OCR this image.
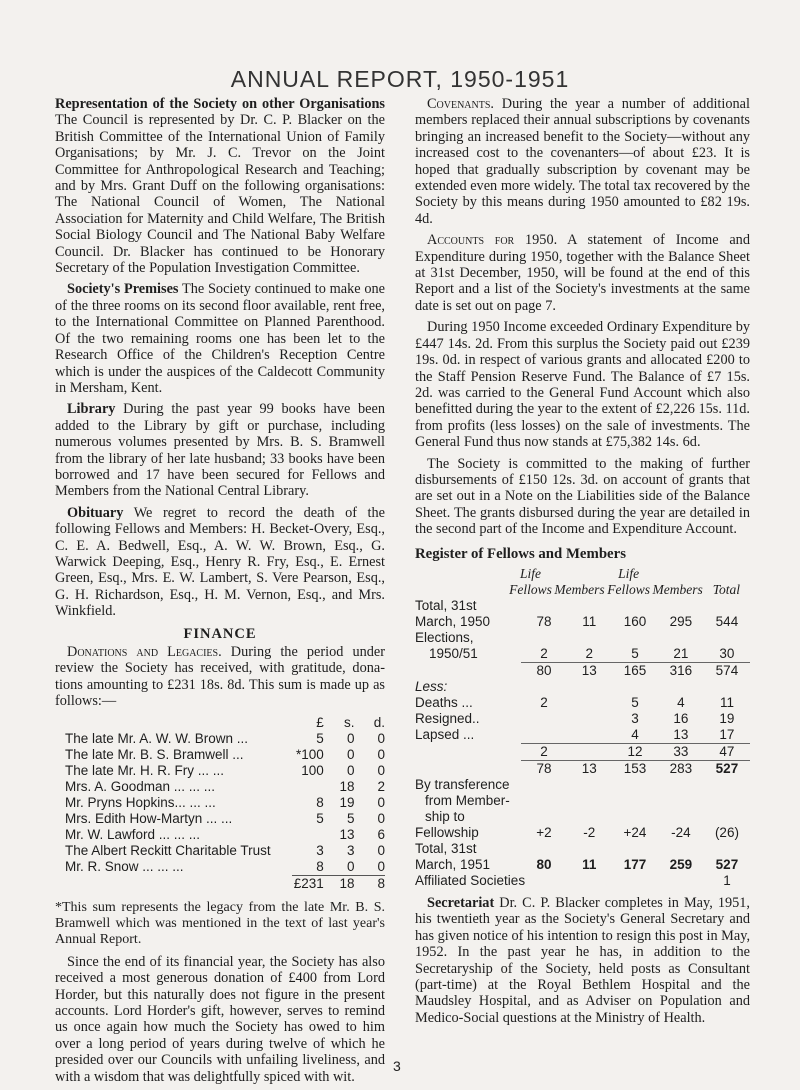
ANNUAL REPORT, 1950-1951

Representation of the Society on other Organisations The Council is represented by Dr. C. P. Blacker on the British Committee of the International Union of Family Organisations; by Mr. J. C. Trevor on the Joint Committee for Anthropological Research and Teaching; and by Mrs. Grant Duff on the following organisations: The National Council of Women, The National Association for Maternity and Child Welfare, The British Social Biology Council and The National Baby Welfare Council. Dr. Blacker has continued to be Honorary Secretary of the Population Investigation Committee.

Society's Premises The Society continued to make one of the three rooms on its second floor available, rent free, to the International Committee on Planned Parenthood. Of the two remaining rooms one has been let to the Research Office of the Children's Reception Centre which is under the auspices of the Caldecott Community in Mersham, Kent.

Library During the past year 99 books have been added to the Library by gift or purchase, including numerous volumes presented by Mrs. B. S. Bramwell from the library of her late husband; 33 books have been borrowed and 17 have been secured for Fellows and Members from the National Central Library.

Obituary We regret to record the death of the following Fellows and Members: H. Becket-Overy, Esq., C. E. A. Bedwell, Esq., A. W. W. Brown, Esq., G. Warwick Deeping, Esq., Henry R. Fry, Esq., E. Ernest Green, Esq., Mrs. E. W. Lambert, S. Vere Pearson, Esq., G. H. Richardson, Esq., H. M. Vernon, Esq., and Mrs. Winkfield.

FINANCE

Donations and Legacies. During the period under review the Society has received, with gratitude, donations amounting to £231 18s. 8d. This sum is made up as follows:—

	£	s.	d.
The late Mr. A. W. W. Brown ...	5	0	0
The late Mr. B. S. Bramwell ...	*100	0	0
The late Mr. H. R. Fry ... ...	100	0	0
Mrs. A. Goodman ... ... ...		18	2
Mr. Pryns Hopkins... ... ...	8	19	0
Mrs. Edith How-Martyn ... ...	5	5	0
Mr. W. Lawford ... ... ...		13	6
The Albert Reckitt Charitable Trust	3	3	0
Mr. R. Snow ... ... ...	8	0	0
	£231	18	8

*This sum represents the legacy from the late Mr. B. S. Bramwell which was mentioned in the text of last year's Annual Report.

Since the end of its financial year, the Society has also received a most generous donation of £400 from Lord Horder, but this naturally does not figure in the present accounts. Lord Horder's gift, however, serves to remind us once again how much the Society has owed to him over a long period of years during twelve of which he presided over our Councils with unfailing liveliness, and with a wisdom that was delightfully spiced with wit.

Covenants. During the year a number of additional members replaced their annual subscriptions by covenants bringing an increased benefit to the Society—without any increased cost to the covenanters—of about £23. It is hoped that gradually subscription by covenant may be extended even more widely. The total tax recovered by the Society by this means during 1950 amounted to £82 19s. 4d.

Accounts for 1950. A statement of Income and Expenditure during 1950, together with the Balance Sheet at 31st December, 1950, will be found at the end of this Report and a list of the Society's investments at the same date is set out on page 7.

During 1950 Income exceeded Ordinary Expenditure by £447 14s. 2d. From this surplus the Society paid out £239 19s. 0d. in respect of various grants and allocated £200 to the Staff Pension Reserve Fund. The Balance of £7 15s. 2d. was carried to the General Fund Account which also benefitted during the year to the extent of £2,226 15s. 11d. from profits (less losses) on the sale of investments. The General Fund thus now stands at £75,382 14s. 6d.

The Society is committed to the making of further disbursements of £150 12s. 3d. on account of grants that are set out in a Note on the Liabilities side of the Balance Sheet. The grants disbursed during the year are detailed in the second part of the Income and Expenditure Account.

Register of Fellows and Members
	Life		Life		
	Fellows	Members	Fellows	Members	Total
Total, 31st					
March, 1950	78	11	160	295	544
Elections,					
1950/51	2	2	5	21	30
	80	13	165	316	574
Less:					
Deaths ...	2		5	4	11
Resigned..			3	16	19
Lapsed ...			4	13	17
	2		12	33	47
	78	13	153	283	527
By transference					
from Member-					
ship to					
Fellowship	+2	-2	+24	-24	(26)
Total, 31st					
March, 1951	80	11	177	259	527
Affiliated Societies					1

Secretariat Dr. C. P. Blacker completes in May, 1951, his twentieth year as the Society's General Secretary and has given notice of his intention to resign this post in May, 1952. In the past year he has, in addition to the Secretaryship of the Society, held posts as Consultant (part-time) at the Royal Bethlem Hospital and the Maudsley Hospital, and as Adviser on Population and Medico-Social questions at the Ministry of Health.

3
